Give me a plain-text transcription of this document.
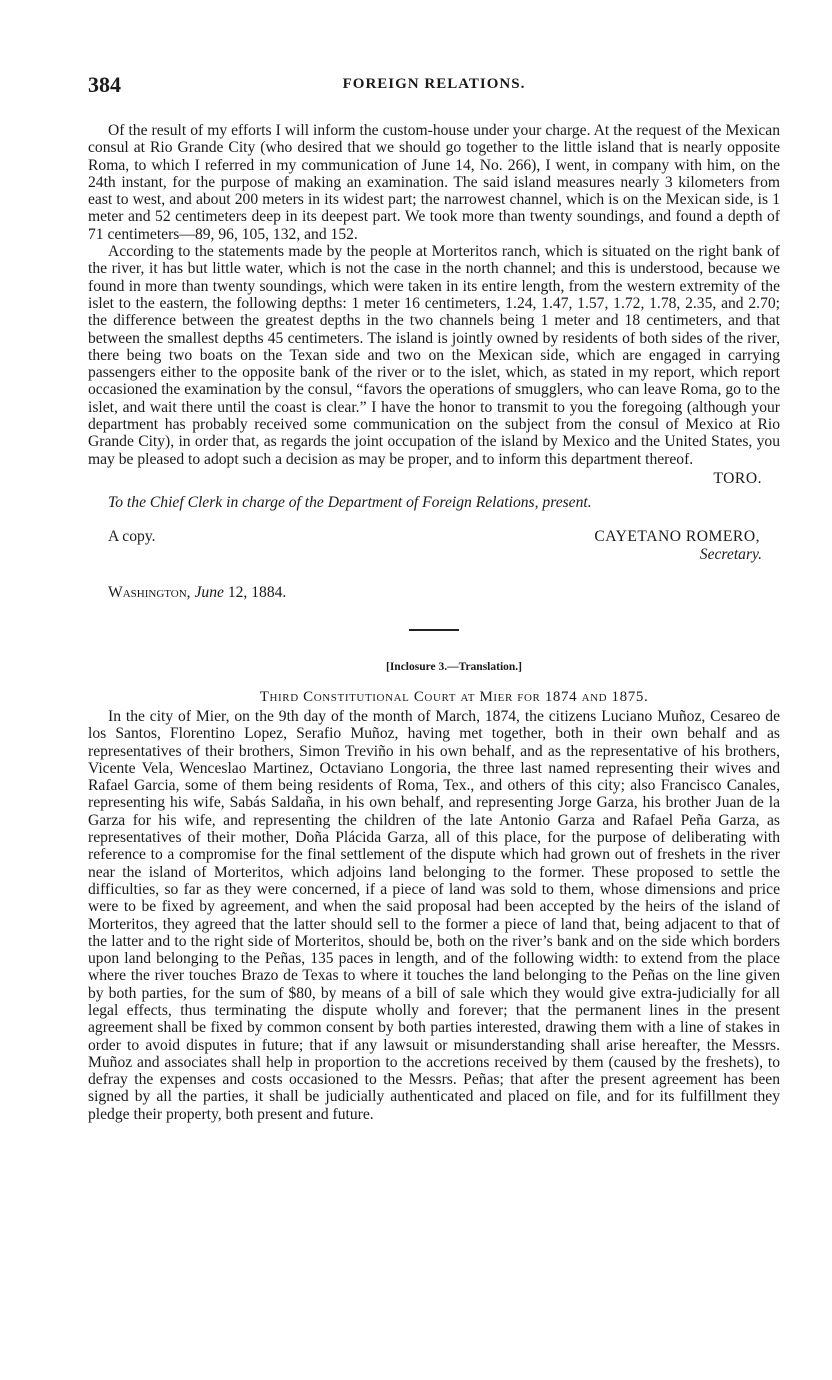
384	FOREIGN RELATIONS.

Of the result of my efforts I will inform the custom-house under your charge. At the request of the Mexican consul at Rio Grande City (who desired that we should go together to the little island that is nearly opposite Roma, to which I referred in my communication of June 14, No. 266), I went, in company with him, on the 24th instant, for the purpose of making an examination. The said island measures nearly 3 kilometers from east to west, and about 200 meters in its widest part; the narrowest channel, which is on the Mexican side, is 1 meter and 52 centimeters deep in its deepest part. We took more than twenty soundings, and found a depth of 71 centimeters—89, 96, 105, 132, and 152.

According to the statements made by the people at Morteritos ranch, which is situated on the right bank of the river, it has but little water, which is not the case in the north channel; and this is understood, because we found in more than twenty soundings, which were taken in its entire length, from the western extremity of the islet to the eastern, the following depths: 1 meter 16 centimeters, 1.24, 1.47, 1.57, 1.72, 1.78, 2.35, and 2.70; the difference between the greatest depths in the two channels being 1 meter and 18 centimeters, and that between the smallest depths 45 centimeters. The island is jointly owned by residents of both sides of the river, there being two boats on the Texan side and two on the Mexican side, which are engaged in carrying passengers either to the opposite bank of the river or to the islet, which, as stated in my report, which report occasioned the examination by the consul, “favors the operations of smugglers, who can leave Roma, go to the islet, and wait there until the coast is clear.” I have the honor to transmit to you the foregoing (although your department has probably received some communication on the subject from the consul of Mexico at Rio Grande City), in order that, as regards the joint occupation of the island by Mexico and the United States, you may be pleased to adopt such a decision as may be proper, and to inform this department thereof.

TORO.
To the Chief Clerk in charge of the Department of Foreign Relations, present.
A copy.	CAYETANO ROMERO,
Secretary.
Washington, June 12, 1884.
[Inclosure 3.—Translation.]
Third Constitutional Court at Mier for 1874 and 1875.

In the city of Mier, on the 9th day of the month of March, 1874, the citizens Luciano Muñoz, Cesareo de los Santos, Florentino Lopez, Serafio Muñoz, having met together, both in their own behalf and as representatives of their brothers, Simon Treviño in his own behalf, and as the representative of his brothers, Vicente Vela, Wenceslao Martinez, Octaviano Longoria, the three last named representing their wives and Rafael Garcia, some of them being residents of Roma, Tex., and others of this city; also Francisco Canales, representing his wife, Sabás Saldaña, in his own behalf, and representing Jorge Garza, his brother Juan de la Garza for his wife, and representing the children of the late Antonio Garza and Rafael Peña Garza, as representatives of their mother, Doña Plácida Garza, all of this place, for the purpose of deliberating with reference to a compromise for the final settlement of the dispute which had grown out of freshets in the river near the island of Morteritos, which adjoins land belonging to the former. These proposed to settle the difficulties, so far as they were concerned, if a piece of land was sold to them, whose dimensions and price were to be fixed by agreement, and when the said proposal had been accepted by the heirs of the island of Morteritos, they agreed that the latter should sell to the former a piece of land that, being adjacent to that of the latter and to the right side of Morteritos, should be, both on the river’s bank and on the side which borders upon land belonging to the Peñas, 135 paces in length, and of the following width: to extend from the place where the river touches Brazo de Texas to where it touches the land belonging to the Peñas on the line given by both parties, for the sum of $80, by means of a bill of sale which they would give extra-judicially for all legal effects, thus terminating the dispute wholly and forever; that the permanent lines in the present agreement shall be fixed by common consent by both parties interested, drawing them with a line of stakes in order to avoid disputes in future; that if any lawsuit or misunderstanding shall arise hereafter, the Messrs. Muñoz and associates shall help in proportion to the accretions received by them (caused by the freshets), to defray the expenses and costs occasioned to the Messrs. Peñas; that after the present agreement has been signed by all the parties, it shall be judicially authenticated and placed on file, and for its fulfillment they pledge their property, both present and future.
